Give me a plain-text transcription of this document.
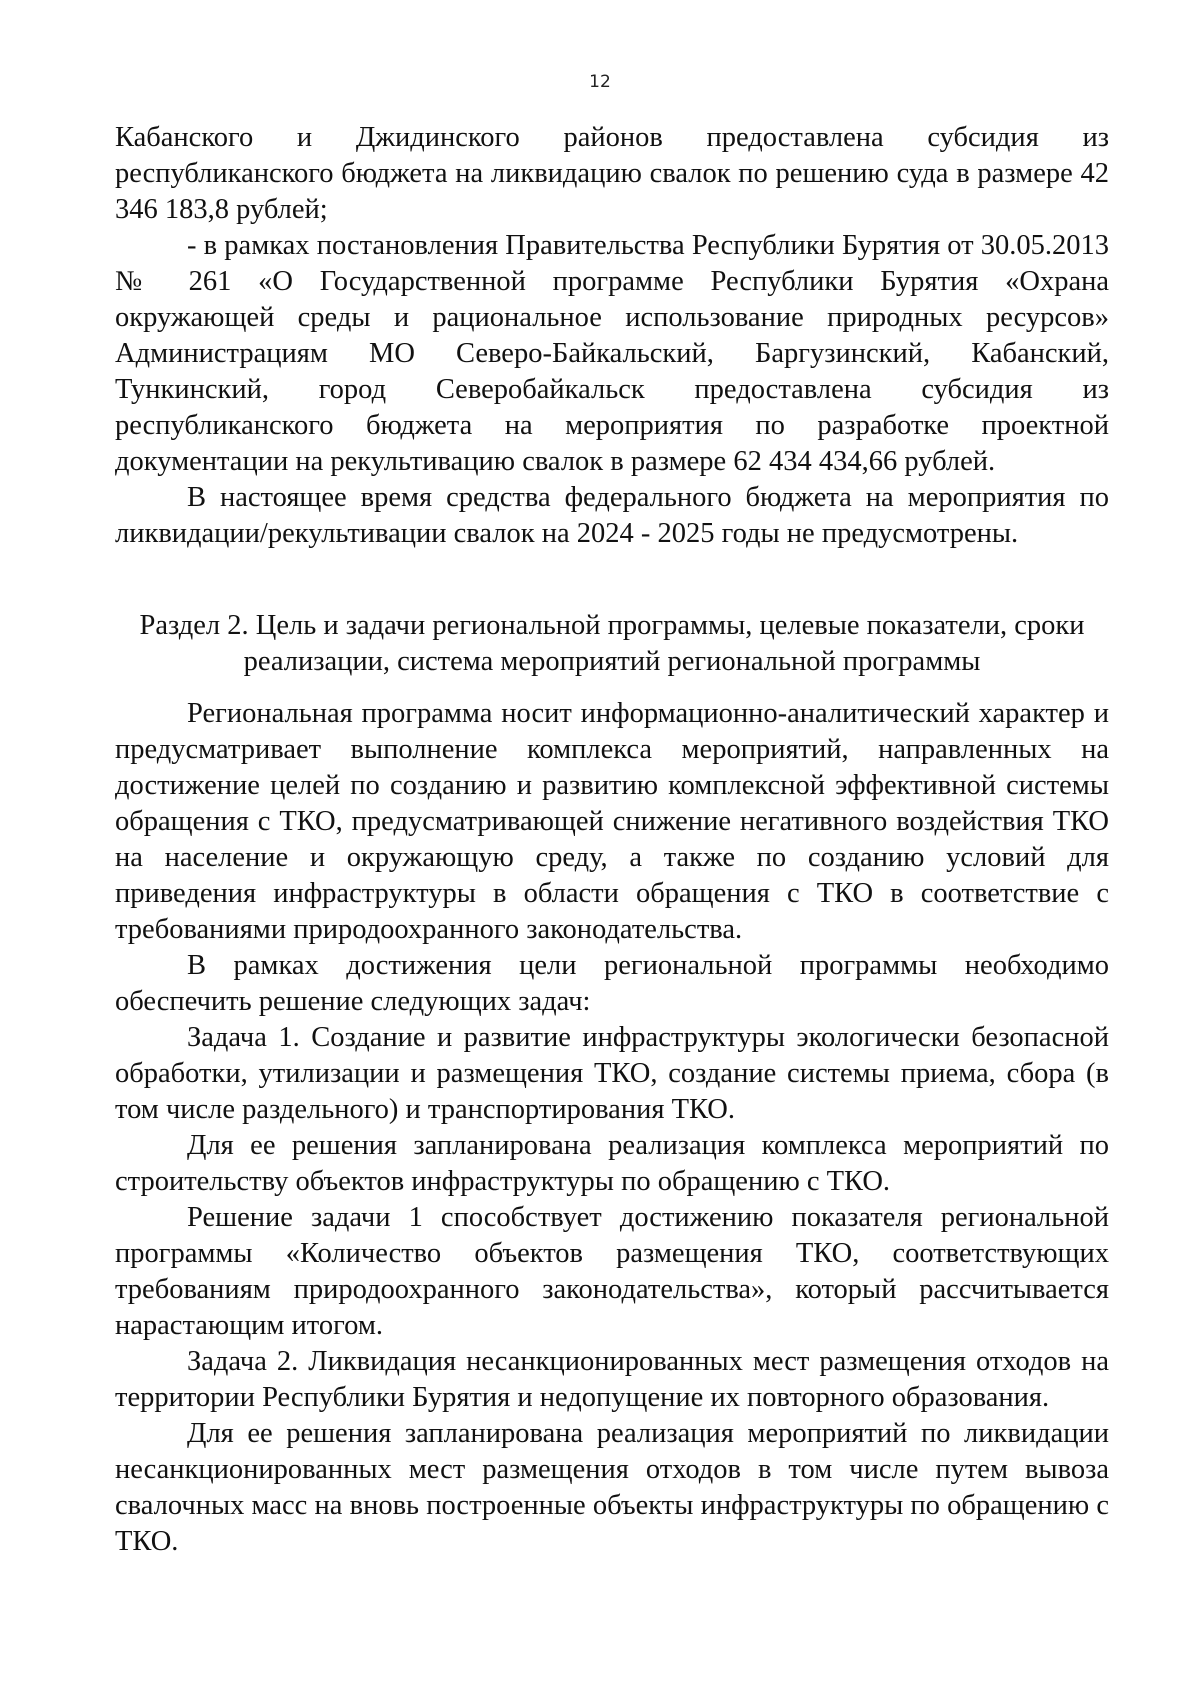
12

Кабанского и Джидинского районов предоставлена субсидия из республиканского бюджета на ликвидацию свалок по решению суда в размере 42 346 183,8 рублей;

- в рамках постановления Правительства Республики Бурятия от 30.05.2013 № 261 «О Государственной программе Республики Бурятия «Охрана окружающей среды и рациональное использование природных ресурсов» Администрациям МО Северо-Байкальский, Баргузинский, Кабанский, Тункинский, город Северобайкальск предоставлена субсидия из республиканского бюджета на мероприятия по разработке проектной документации на рекультивацию свалок в размере 62 434 434,66 рублей.

В настоящее время средства федерального бюджета на мероприятия по ликвидации/рекультивации свалок на 2024 - 2025 годы не предусмотрены.

Раздел 2. Цель и задачи региональной программы, целевые показатели, сроки реализации, система мероприятий региональной программы

Региональная программа носит информационно-аналитический характер и предусматривает выполнение комплекса мероприятий, направленных на достижение целей по созданию и развитию комплексной эффективной системы обращения с ТКО, предусматривающей снижение негативного воздействия ТКО на население и окружающую среду, а также по созданию условий для приведения инфраструктуры в области обращения с ТКО в соответствие с требованиями природоохранного законодательства.

В рамках достижения цели региональной программы необходимо обеспечить решение следующих задач:

Задача 1. Создание и развитие инфраструктуры экологически безопасной обработки, утилизации и размещения ТКО, создание системы приема, сбора (в том числе раздельного) и транспортирования ТКО.

Для ее решения запланирована реализация комплекса мероприятий по строительству объектов инфраструктуры по обращению с ТКО.

Решение задачи 1 способствует достижению показателя региональной программы «Количество объектов размещения ТКО, соответствующих требованиям природоохранного законодательства», который рассчитывается нарастающим итогом.

Задача 2. Ликвидация несанкционированных мест размещения отходов на территории Республики Бурятия и недопущение их повторного образования.

Для ее решения запланирована реализация мероприятий по ликвидации несанкционированных мест размещения отходов в том числе путем вывоза свалочных масс на вновь построенные объекты инфраструктуры по обращению с ТКО.
